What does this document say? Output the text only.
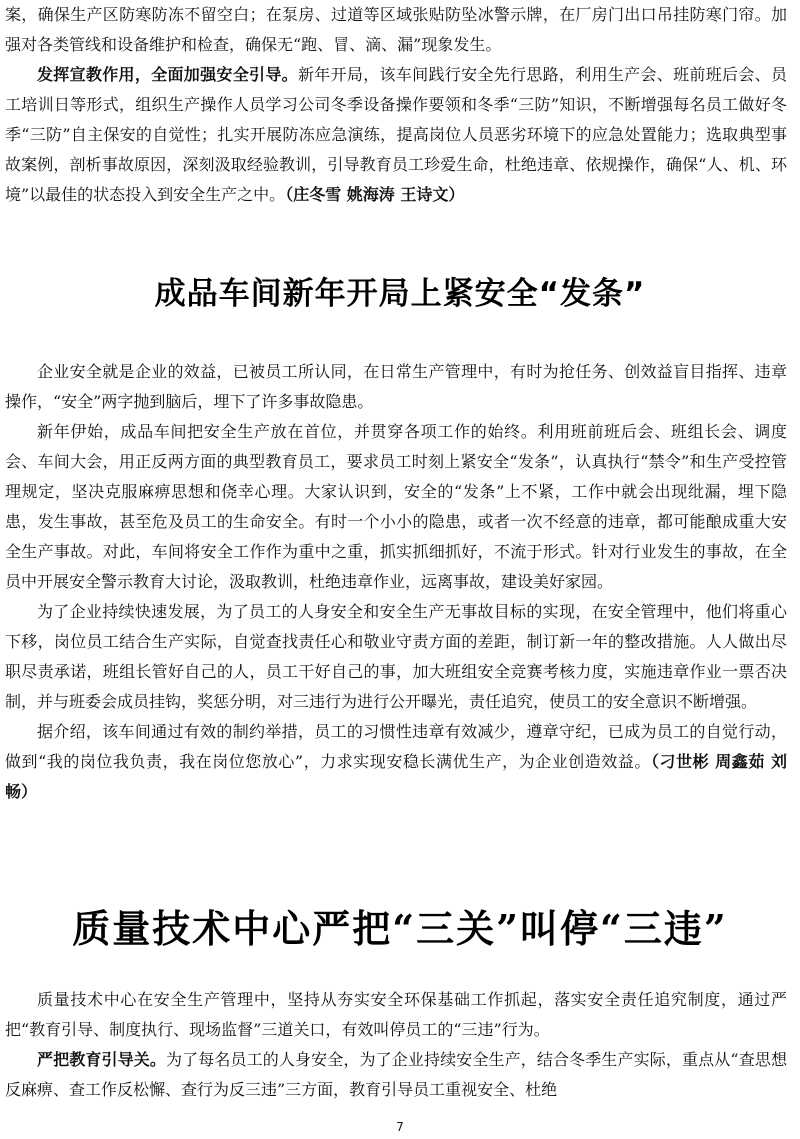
案，确保生产区防寒防冻不留空白；在泵房、过道等区域张贴防坠冰警示牌，在厂房门出口吊挂防寒门帘。加强对各类管线和设备维护和检查，确保无“跑、冒、滴、漏”现象发生。

发挥宣教作用，全面加强安全引导。新年开局，该车间践行安全先行思路，利用生产会、班前班后会、员工培训日等形式，组织生产操作人员学习公司冬季设备操作要领和冬季“三防”知识，不断增强每名员工做好冬季“三防”自主保安的自觉性；扎实开展防冻应急演练，提高岗位人员恶劣环境下的应急处置能力；选取典型事故案例，剖析事故原因，深刻汲取经验教训，引导教育员工珍爱生命，杜绝违章、依规操作，确保“人、机、环境”以最佳的状态投入到安全生产之中。（庄冬雪 姚海涛 王诗文）

成品车间新年开局上紧安全“发条”

企业安全就是企业的效益，已被员工所认同，在日常生产管理中，有时为抢任务、创效益盲目指挥、违章操作，“安全”两字抛到脑后，埋下了许多事故隐患。

新年伊始，成品车间把安全生产放在首位，并贯穿各项工作的始终。利用班前班后会、班组长会、调度会、车间大会，用正反两方面的典型教育员工，要求员工时刻上紧安全“发条”，认真执行“禁令”和生产受控管理规定，坚决克服麻痹思想和侥幸心理。大家认识到，安全的“发条”上不紧，工作中就会出现纰漏，埋下隐患，发生事故，甚至危及员工的生命安全。有时一个小小的隐患，或者一次不经意的违章，都可能酿成重大安全生产事故。对此，车间将安全工作作为重中之重，抓实抓细抓好，不流于形式。针对行业发生的事故，在全员中开展安全警示教育大讨论，汲取教训，杜绝违章作业，远离事故，建设美好家园。

为了企业持续快速发展，为了员工的人身安全和安全生产无事故目标的实现，在安全管理中，他们将重心下移，岗位员工结合生产实际，自觉查找责任心和敬业守责方面的差距，制订新一年的整改措施。人人做出尽职尽责承诺，班组长管好自己的人，员工干好自己的事，加大班组安全竞赛考核力度，实施违章作业一票否决制，并与班委会成员挂钩，奖惩分明，对三违行为进行公开曝光，责任追究，使员工的安全意识不断增强。

据介绍，该车间通过有效的制约举措，员工的习惯性违章有效减少，遵章守纪，已成为员工的自觉行动，做到“我的岗位我负责，我在岗位您放心”，力求实现安稳长满优生产，为企业创造效益。（刁世彬 周鑫茹 刘 畅）

质量技术中心严把“三关”叫停“三违”

质量技术中心在安全生产管理中，坚持从夯实安全环保基础工作抓起，落实安全责任追究制度，通过严把“教育引导、制度执行、现场监督”三道关口，有效叫停员工的“三违”行为。

严把教育引导关。为了每名员工的人身安全，为了企业持续安全生产，结合冬季生产实际，重点从“查思想反麻痹、查工作反松懈、查行为反三违”三方面，教育引导员工重视安全、杜绝

7
